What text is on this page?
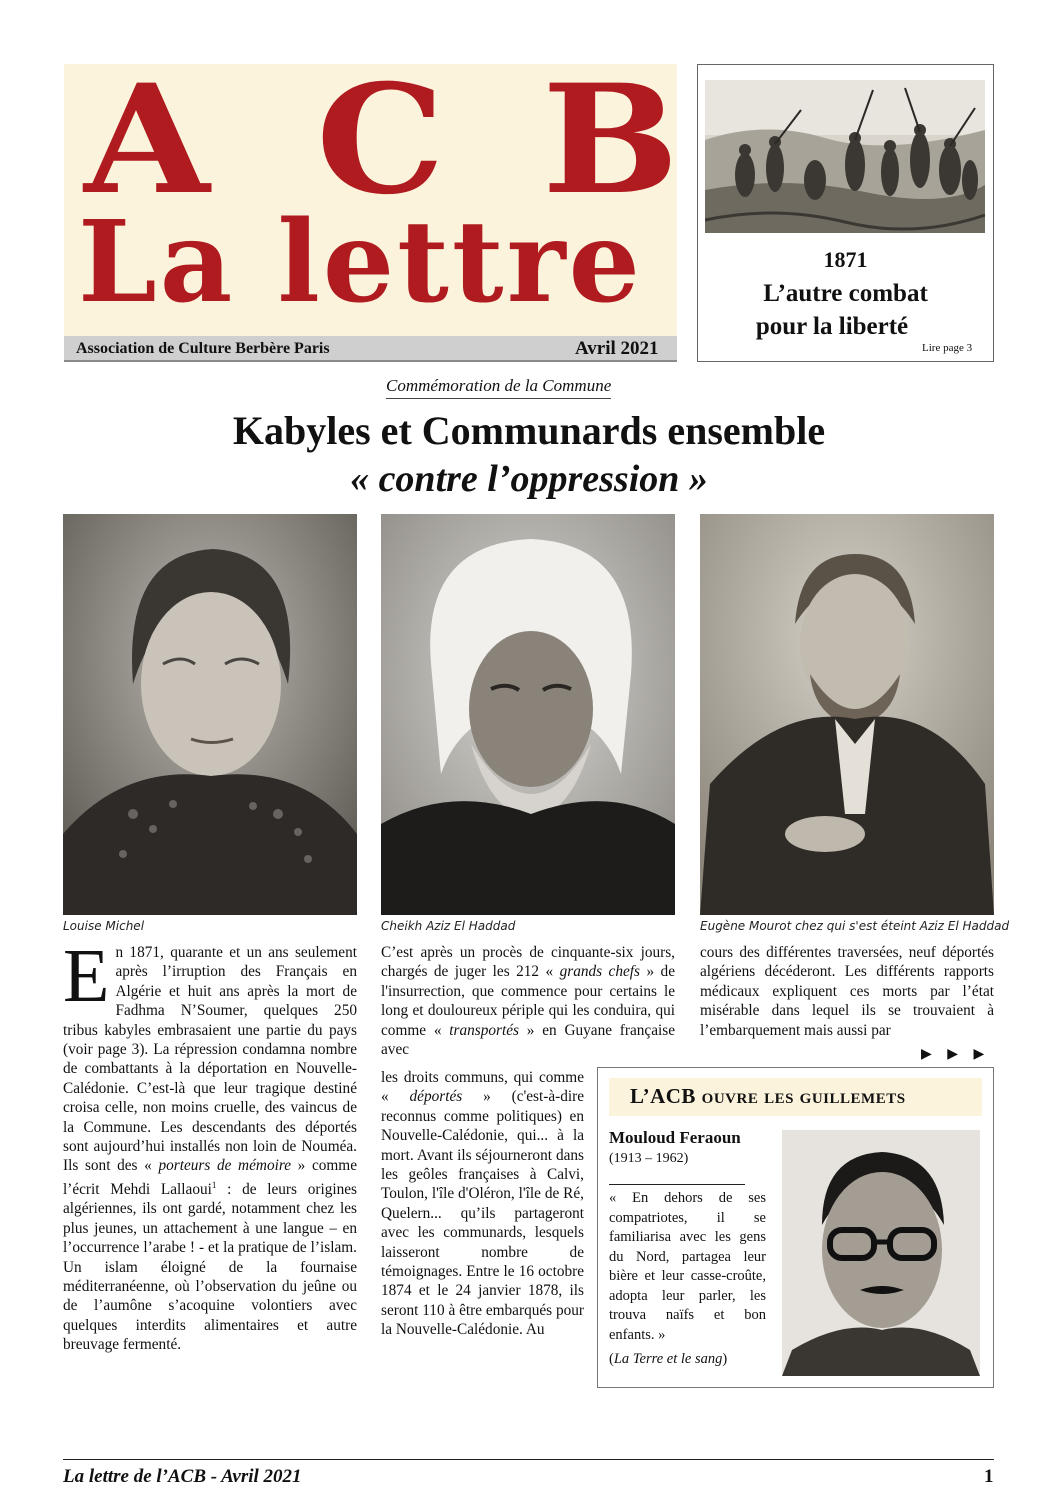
A C B
La lettre
Association de Culture Berbère Paris	Avril 2021
1871
L’autre combat
pour la liberté
Lire page 3
Commémoration de la Commune
Kabyles et Communards ensemble
« contre l’oppression »
Louise Michel	Cheikh Aziz El Haddad	Eugène Mourot chez qui s'est éteint Aziz El Haddad
En 1871, quarante et un ans seulement après l’irruption des Français en Algérie et huit ans après la mort de Fadhma N’Soumer, quelques 250 tribus kabyles embrasaient une partie du pays (voir page 3). La répression condamna nombre de combattants à la déportation en Nouvelle-Calédonie. C’est-là que leur tragique destiné croisa celle, non moins cruelle, des vaincus de la Commune. Les descendants des déportés sont aujourd’hui installés non loin de Nouméa. Ils sont des « porteurs de mémoire » comme l’écrit Mehdi Lallaoui$^1$ : de leurs origines algériennes, ils ont gardé, notamment chez les plus jeunes, un attachement à une langue – en l’occurrence l’arabe ! - et la pratique de l’islam. Un islam éloigné de la fournaise méditerranéenne, où l’observation du jeûne ou de l’aumône s’acoquine volontiers avec quelques interdits alimentaires et autre breuvage fermenté.
C’est après un procès de cinquante-six jours, chargés de juger les 212 « grands chefs » de l'insurrection, que commence pour certains le long et douloureux périple qui les conduira, qui comme « transportés » en Guyane française avec
les droits communs, qui comme « déportés » (c'est-à-dire reconnus comme politiques) en Nouvelle-Calédonie, qui... à la mort. Avant ils séjourneront dans les geôles françaises à Calvi, Toulon, l'île d'Oléron, l'île de Ré, Quelern... qu’ils partageront avec les communards, lesquels laisseront nombre de témoignages. Entre le 16 octobre 1874 et le 24 janvier 1878, ils seront 110 à être embarqués pour la Nouvelle-Calédonie. Au
cours des différentes traversées, neuf déportés algériens décéderont. Les différents rapports médicaux expliquent ces morts par l’état misérable dans lequel ils se trouvaient à l’embarquement mais aussi par
▶ ▶ ▶
L’ACB ouvre les guillemets
Mouloud Feraoun
(1913 – 1962)
« En dehors de ses compatriotes, il se familiarisa avec les gens du Nord, partagea leur bière et leur casse-croûte, adopta leur parler, les trouva naïfs et bon enfants. »
(La Terre et le sang)
La lettre de l’ACB - Avril 2021	1
